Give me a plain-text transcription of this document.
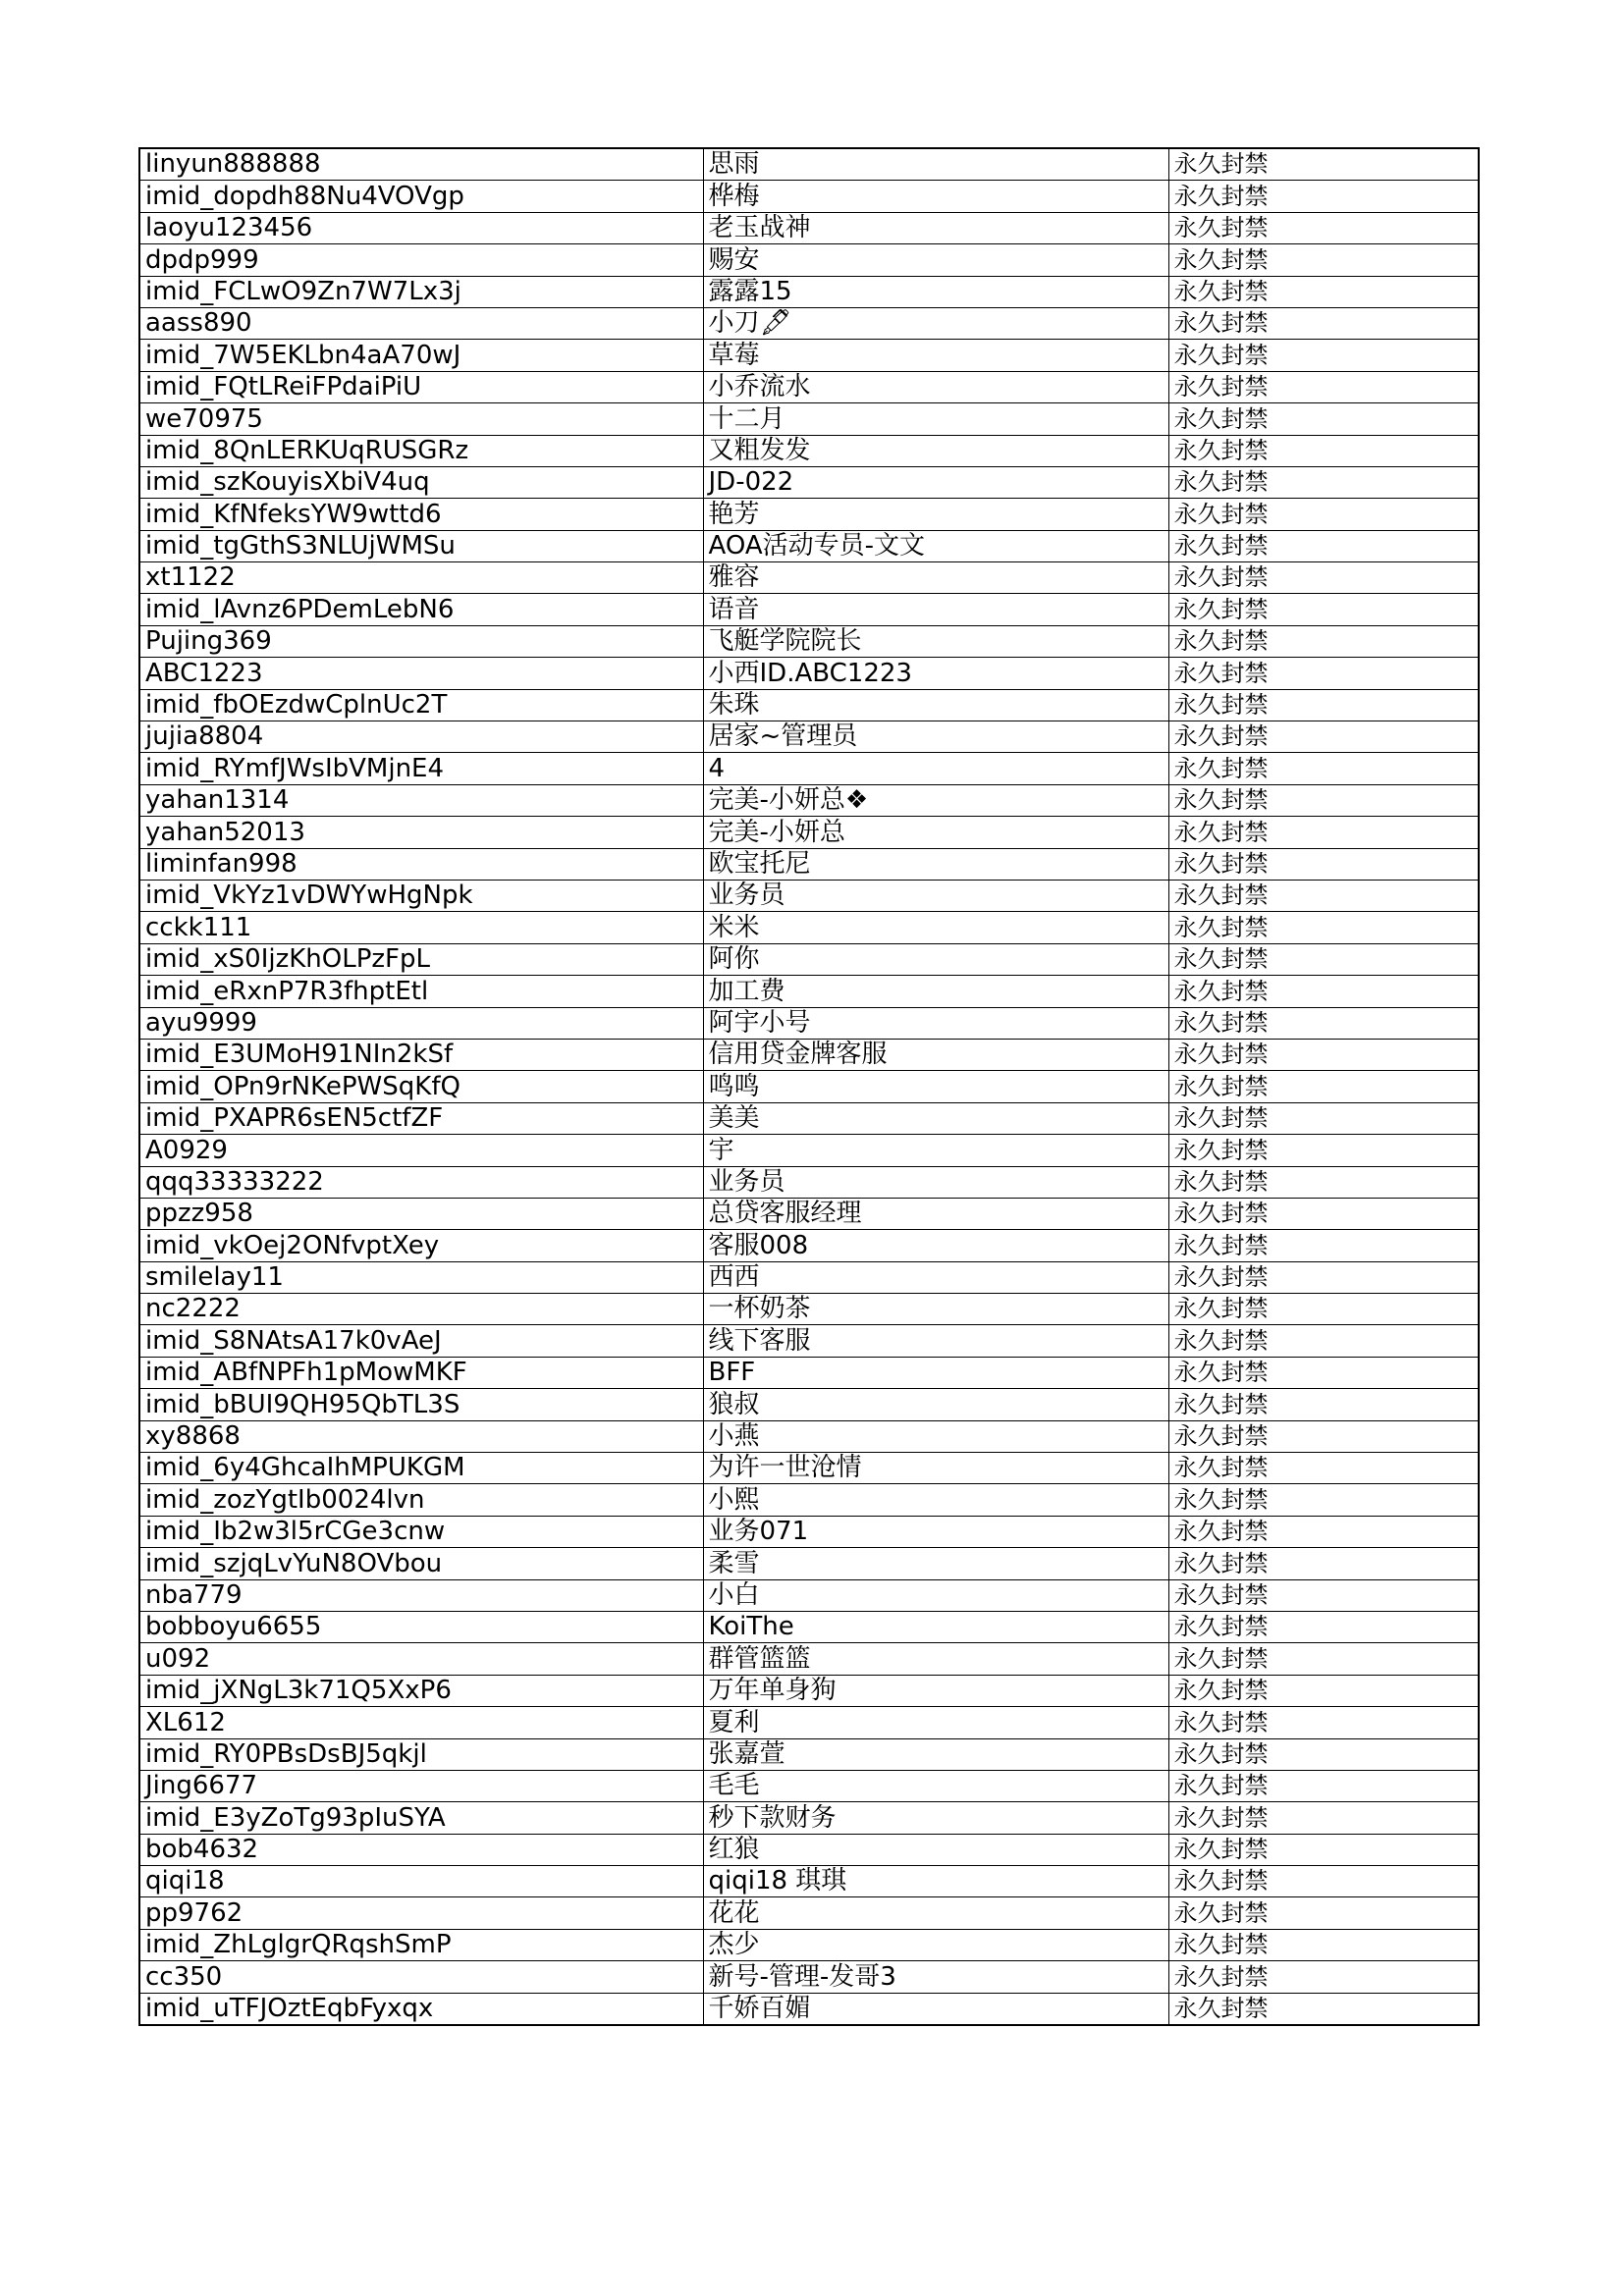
linyun888888	思雨	永久封禁
imid_dopdh88Nu4VOVgp	桦梅	永久封禁
laoyu123456	老玉战神	永久封禁
dpdp999	赐安	永久封禁
imid_FCLwO9Zn7W7Lx3j	露露15	永久封禁
aass890	小刀🖋	永久封禁
imid_7W5EKLbn4aA70wJ	草莓	永久封禁
imid_FQtLReiFPdaiPiU	小乔流水	永久封禁
we70975	十二月	永久封禁
imid_8QnLERKUqRUSGRz	又粗发发	永久封禁
imid_szKouyisXbiV4uq	JD-022	永久封禁
imid_KfNfeksYW9wttd6	艳芳	永久封禁
imid_tgGthS3NLUjWMSu	AOA活动专员-文文	永久封禁
xt1122	雅容	永久封禁
imid_lAvnz6PDemLebN6	语音	永久封禁
Pujing369	飞艇学院院长	永久封禁
ABC1223	小西ID.ABC1223	永久封禁
imid_fbOEzdwCplnUc2T	朱珠	永久封禁
jujia8804	居家~管理员	永久封禁
imid_RYmfJWsIbVMjnE4	4	永久封禁
yahan1314	完美-小妍总❖	永久封禁
yahan52013	完美-小妍总	永久封禁
liminfan998	欧宝托尼	永久封禁
imid_VkYz1vDWYwHgNpk	业务员	永久封禁
cckk111	米米	永久封禁
imid_xS0IjzKhOLPzFpL	阿你	永久封禁
imid_eRxnP7R3fhptEtl	加工费	永久封禁
ayu9999	阿宇小号	永久封禁
imid_E3UMoH91NIn2kSf	信用贷金牌客服	永久封禁
imid_OPn9rNKePWSqKfQ	鸣鸣	永久封禁
imid_PXAPR6sEN5ctfZF	美美	永久封禁
A0929	宇	永久封禁
qqq33333222	业务员	永久封禁
ppzz958	总贷客服经理	永久封禁
imid_vkOej2ONfvptXey	客服008	永久封禁
smilelay11	西西	永久封禁
nc2222	一杯奶茶	永久封禁
imid_S8NAtsA17k0vAeJ	线下客服	永久封禁
imid_ABfNPFh1pMowMKF	BFF	永久封禁
imid_bBUI9QH95QbTL3S	狼叔	永久封禁
xy8868	小燕	永久封禁
imid_6y4GhcaIhMPUKGM	为许一世沧情	永久封禁
imid_zozYgtIb0024lvn	小熙	永久封禁
imid_Ib2w3l5rCGe3cnw	业务071	永久封禁
imid_szjqLvYuN8OVbou	柔雪	永久封禁
nba779	小白	永久封禁
bobboyu6655	KoiThe	永久封禁
u092	群管篮篮	永久封禁
imid_jXNgL3k71Q5XxP6	万年单身狗	永久封禁
XL612	夏利	永久封禁
imid_RY0PBsDsBJ5qkjl	张嘉萱	永久封禁
Jing6677	毛毛	永久封禁
imid_E3yZoTg93pIuSYA	秒下款财务	永久封禁
bob4632	红狼	永久封禁
qiqi18	qiqi18 琪琪	永久封禁
pp9762	花花	永久封禁
imid_ZhLglgrQRqshSmP	杰少	永久封禁
cc350	新号-管理-发哥3	永久封禁
imid_uTFJOztEqbFyxqx	千娇百媚	永久封禁
